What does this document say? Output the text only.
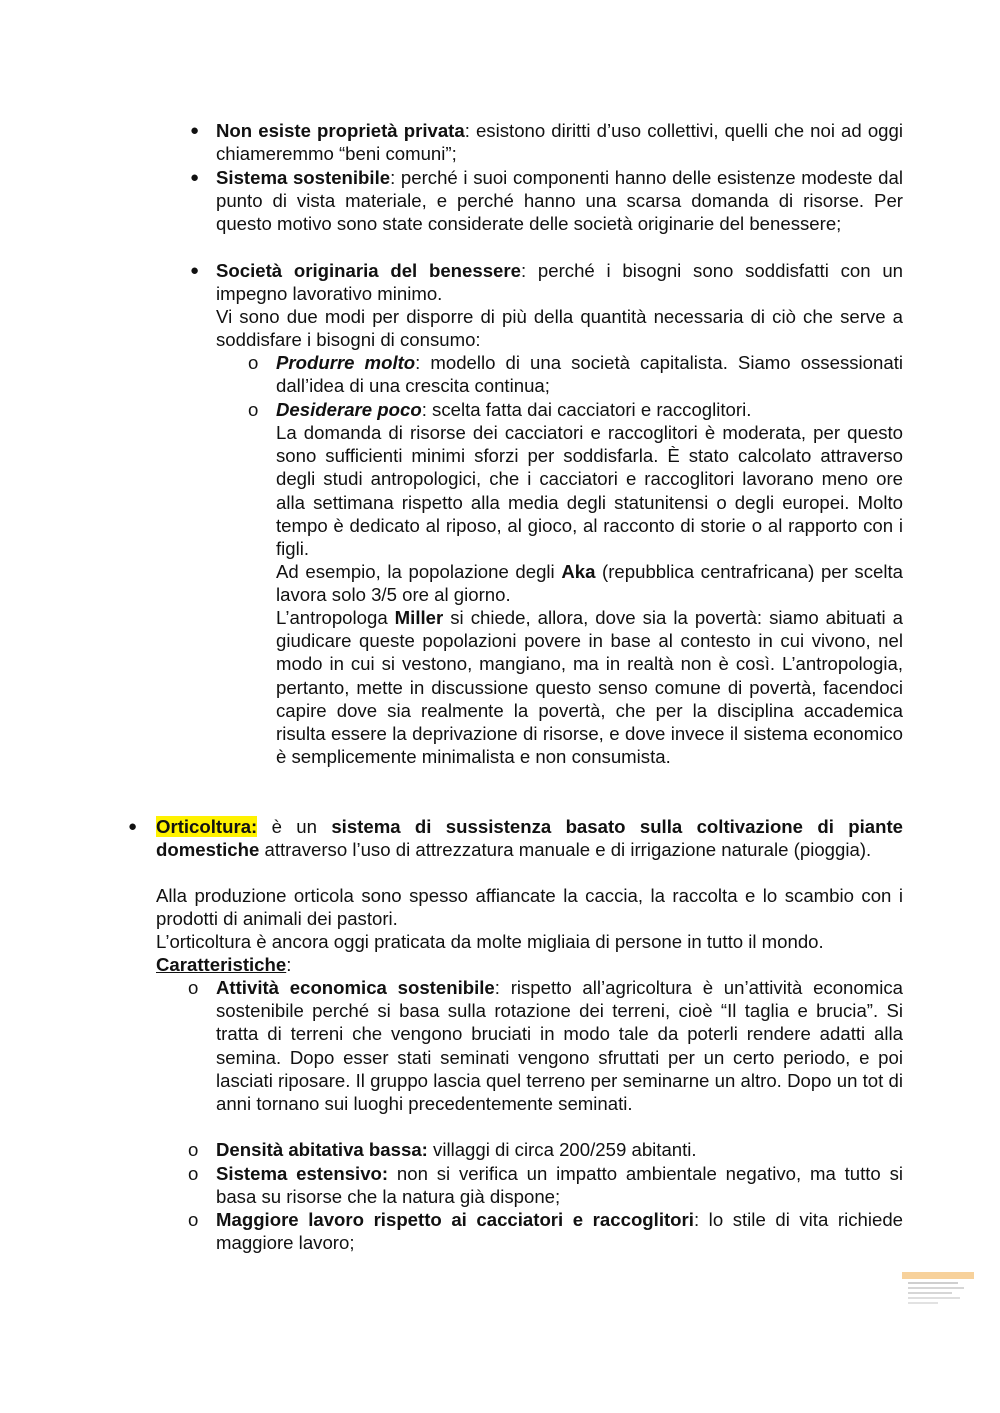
● Non esiste proprietà privata: esistono diritti d’uso collettivi, quelli che noi ad oggi chiameremmo “beni comuni”;
● Sistema sostenibile: perché i suoi componenti hanno delle esistenze modeste dal punto di vista materiale, e perché hanno una scarsa domanda di risorse. Per questo motivo sono state considerate delle società originarie del benessere;
● Società originaria del benessere: perché i bisogni sono soddisfatti con un impegno lavorativo minimo.
Vi sono due modi per disporre di più della quantità necessaria di ciò che serve a soddisfare i bisogni di consumo:
o Produrre molto: modello di una società capitalista. Siamo ossessionati dall’idea di una crescita continua;
o Desiderare poco: scelta fatta dai cacciatori e raccoglitori.
La domanda di risorse dei cacciatori e raccoglitori è moderata, per questo sono sufficienti minimi sforzi per soddisfarla. È stato calcolato attraverso degli studi antropologici, che i cacciatori e raccoglitori lavorano meno ore alla settimana rispetto alla media degli statunitensi o degli europei. Molto tempo è dedicato al riposo, al gioco, al racconto di storie o al rapporto con i figli.
Ad esempio, la popolazione degli Aka (repubblica centrafricana) per scelta lavora solo 3/5 ore al giorno.
L’antropologa Miller si chiede, allora, dove sia la povertà: siamo abituati a giudicare queste popolazioni povere in base al contesto in cui vivono, nel modo in cui si vestono, mangiano, ma in realtà non è così. L’antropologia, pertanto, mette in discussione questo senso comune di povertà, facendoci capire dove sia realmente la povertà, che per la disciplina accademica risulta essere la deprivazione di risorse, e dove invece il sistema economico è semplicemente minimalista e non consumista.
● Orticoltura: è un sistema di sussistenza basato sulla coltivazione di piante domestiche attraverso l’uso di attrezzatura manuale e di irrigazione naturale (pioggia).
Alla produzione orticola sono spesso affiancate la caccia, la raccolta e lo scambio con i prodotti di animali dei pastori.
L’orticoltura è ancora oggi praticata da molte migliaia di persone in tutto il mondo.
Caratteristiche:
o Attività economica sostenibile: rispetto all’agricoltura è un’attività economica sostenibile perché si basa sulla rotazione dei terreni, cioè “Il taglia e brucia”. Si tratta di terreni che vengono bruciati in modo tale da poterli rendere adatti alla semina. Dopo esser stati seminati vengono sfruttati per un certo periodo, e poi lasciati riposare. Il gruppo lascia quel terreno per seminarne un altro. Dopo un tot di anni tornano sui luoghi precedentemente seminati.
o Densità abitativa bassa: villaggi di circa 200/259 abitanti.
o Sistema estensivo: non si verifica un impatto ambientale negativo, ma tutto si basa su risorse che la natura già dispone;
o Maggiore lavoro rispetto ai cacciatori e raccoglitori: lo stile di vita richiede maggiore lavoro;
